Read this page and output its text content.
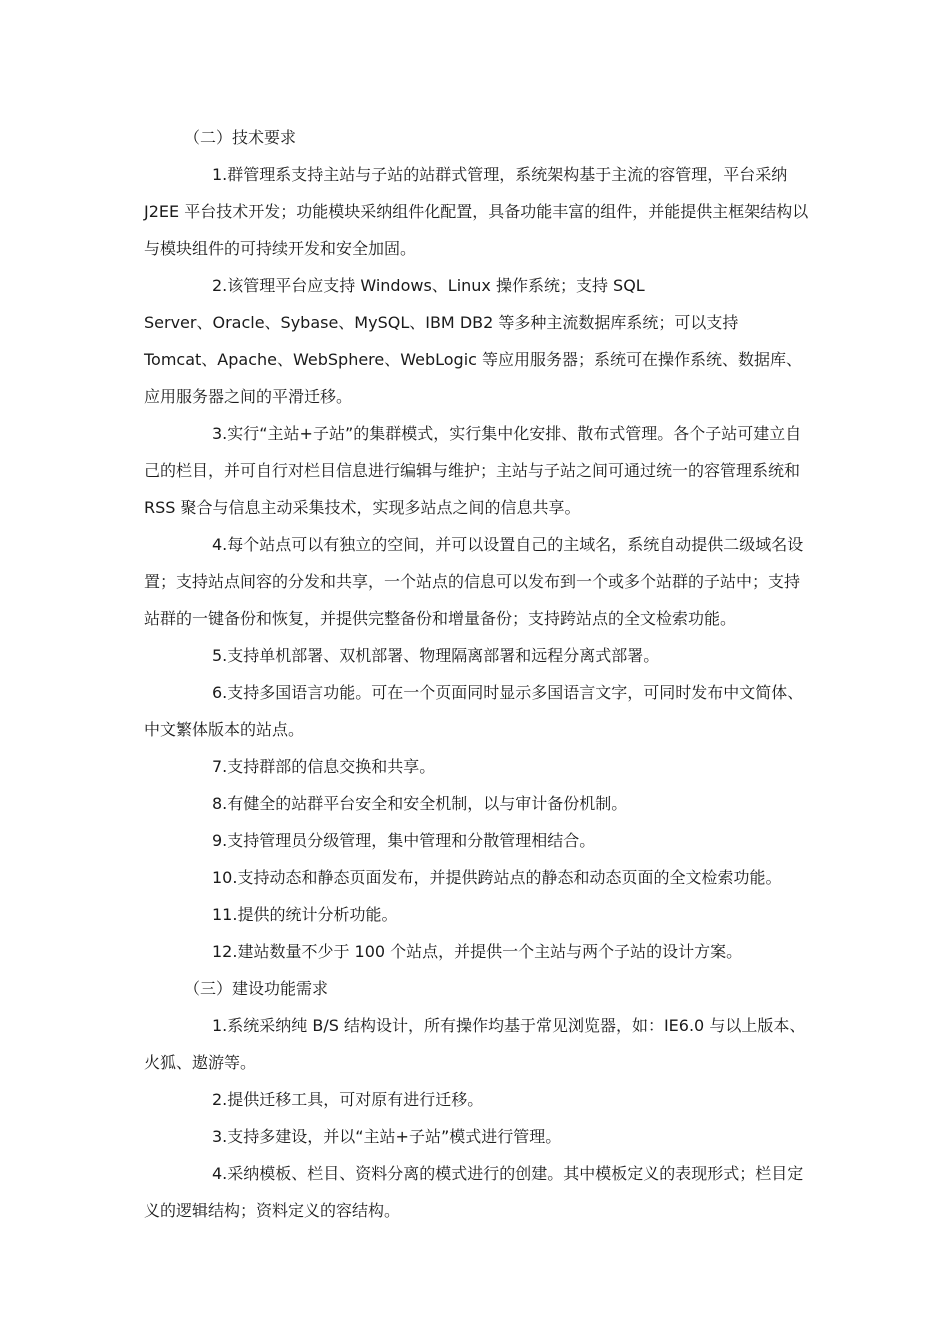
（二）技术要求

1.群管理系支持主站与子站的站群式管理，系统架构基于主流的容管理，平台采纳 J2EE 平台技术开发；功能模块采纳组件化配置，具备功能丰富的组件，并能提供主框架结构以与模块组件的可持续开发和安全加固。

2.该管理平台应支持 Windows、Linux 操作系统；支持 SQL
Server、Oracle、Sybase、MySQL、IBM DB2 等多种主流数据库系统；可以支持 Tomcat、Apache、WebSphere、WebLogic 等应用服务器；系统可在操作系统、数据库、应用服务器之间的平滑迁移。

3.实行“主站+子站”的集群模式，实行集中化安排、散布式管理。各个子站可建立自己的栏目，并可自行对栏目信息进行编辑与维护；主站与子站之间可通过统一的容管理系统和 RSS 聚合与信息主动采集技术，实现多站点之间的信息共享。

4.每个站点可以有独立的空间，并可以设置自己的主域名，系统自动提供二级域名设置；支持站点间容的分发和共享，一个站点的信息可以发布到一个或多个站群的子站中；支持站群的一键备份和恢复，并提供完整备份和增量备份；支持跨站点的全文检索功能。

5.支持单机部署、双机部署、物理隔离部署和远程分离式部署。

6.支持多国语言功能。可在一个页面同时显示多国语言文字，可同时发布中文简体、中文繁体版本的站点。

7.支持群部的信息交换和共享。

8.有健全的站群平台安全和安全机制，以与审计备份机制。

9.支持管理员分级管理，集中管理和分散管理相结合。

10.支持动态和静态页面发布，并提供跨站点的静态和动态页面的全文检索功能。

11.提供的统计分析功能。

12.建站数量不少于 100 个站点，并提供一个主站与两个子站的设计方案。

（三）建设功能需求

1.系统采纳纯 B/S 结构设计，所有操作均基于常见浏览器，如：IE6.0 与以上版本、火狐、遨游等。

2.提供迁移工具，可对原有进行迁移。

3.支持多建设，并以“主站+子站”模式进行管理。

4.采纳模板、栏目、资料分离的模式进行的创建。其中模板定义的表现形式；栏目定义的逻辑结构；资料定义的容结构。
